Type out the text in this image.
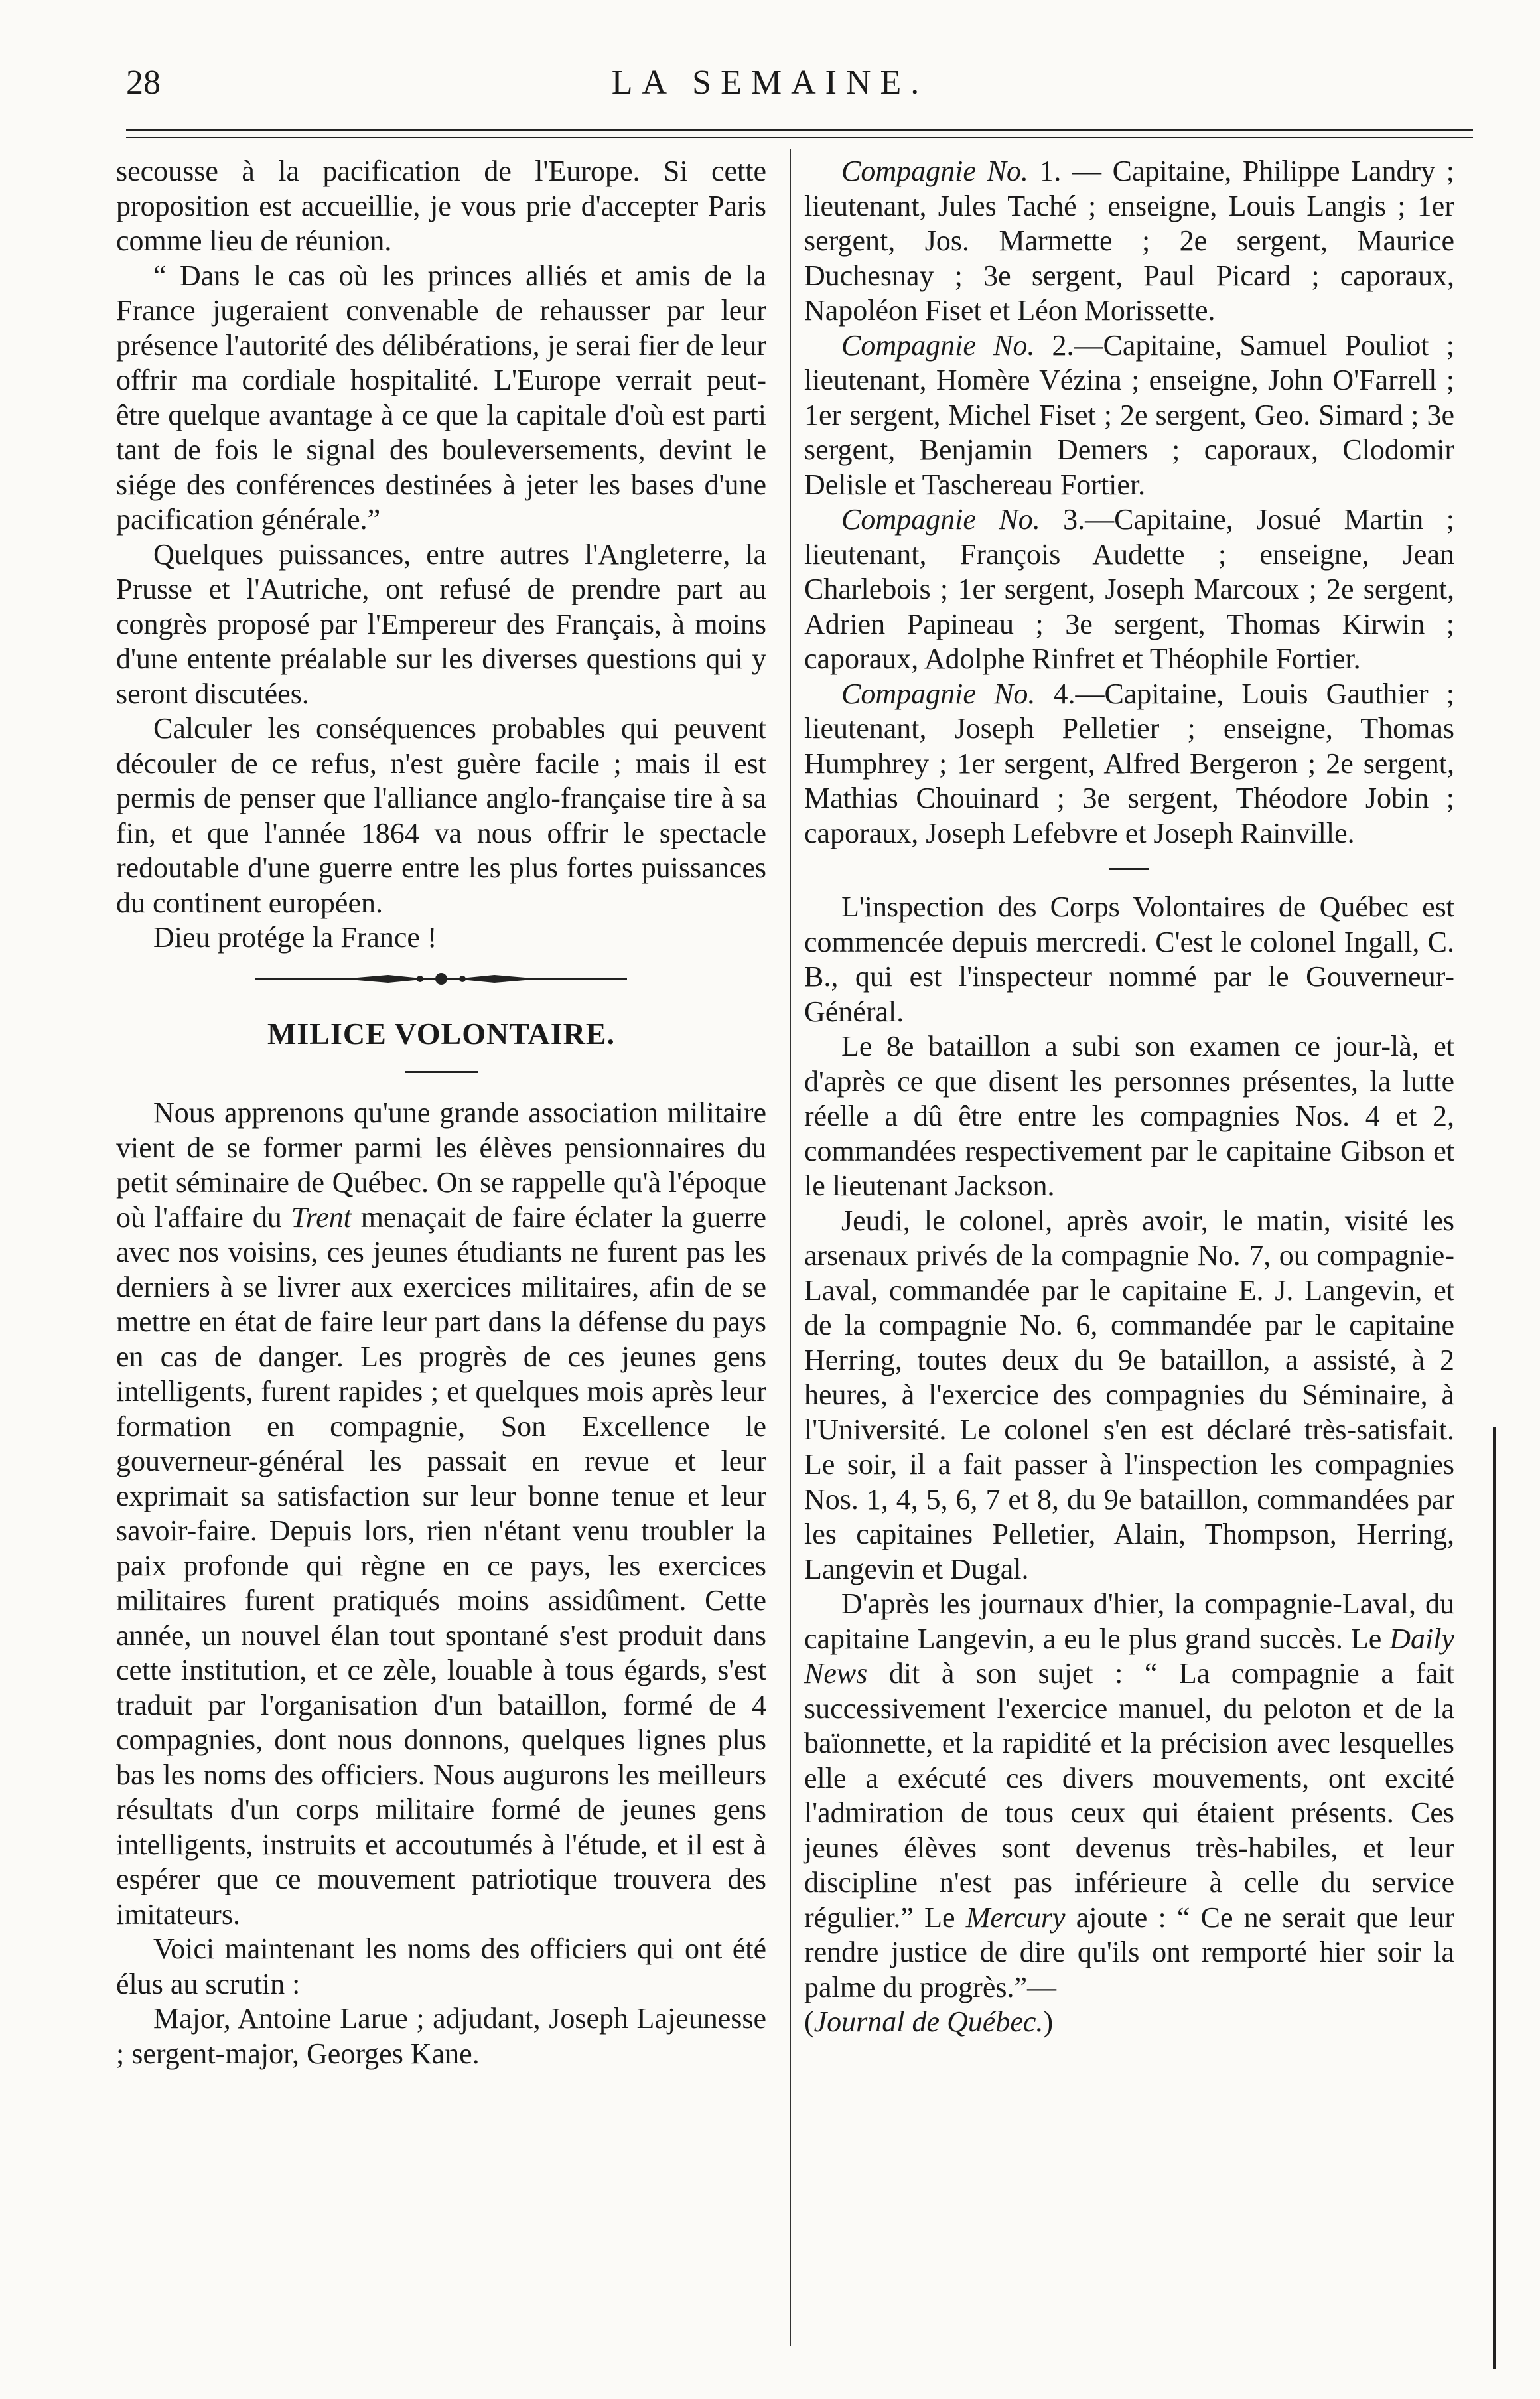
28	LA SEMAINE.

secousse à la pacification de l'Europe. Si cette proposition est accueillie, je vous prie d'accepter Paris comme lieu de réunion.

“ Dans le cas où les princes alliés et amis de la France jugeraient convenable de rehausser par leur présence l'autorité des délibérations, je serai fier de leur offrir ma cordiale hospitalité. L'Europe verrait peut-être quelque avantage à ce que la capitale d'où est parti tant de fois le signal des bouleversements, devint le siége des conférences destinées à jeter les bases d'une pacification générale.”

Quelques puissances, entre autres l'Angleterre, la Prusse et l'Autriche, ont refusé de prendre part au congrès proposé par l'Empereur des Français, à moins d'une entente préalable sur les diverses questions qui y seront discutées.

Calculer les conséquences probables qui peuvent découler de ce refus, n'est guère facile ; mais il est permis de penser que l'alliance anglo-française tire à sa fin, et que l'année 1864 va nous offrir le spectacle redoutable d'une guerre entre les plus fortes puissances du continent européen.

Dieu protége la France !

MILICE VOLONTAIRE.

Nous apprenons qu'une grande association militaire vient de se former parmi les élèves pensionnaires du petit séminaire de Québec. On se rappelle qu'à l'époque où l'affaire du Trent menaçait de faire éclater la guerre avec nos voisins, ces jeunes étudiants ne furent pas les derniers à se livrer aux exercices militaires, afin de se mettre en état de faire leur part dans la défense du pays en cas de danger. Les progrès de ces jeunes gens intelligents, furent rapides ; et quelques mois après leur formation en compagnie, Son Excellence le gouverneur-général les passait en revue et leur exprimait sa satisfaction sur leur bonne tenue et leur savoir-faire. Depuis lors, rien n'étant venu troubler la paix profonde qui règne en ce pays, les exercices militaires furent pratiqués moins assidûment. Cette année, un nouvel élan tout spontané s'est produit dans cette institution, et ce zèle, louable à tous égards, s'est traduit par l'organisation d'un bataillon, formé de 4 compagnies, dont nous donnons, quelques lignes plus bas les noms des officiers. Nous augurons les meilleurs résultats d'un corps militaire formé de jeunes gens intelligents, instruits et accoutumés à l'étude, et il est à espérer que ce mouvement patriotique trouvera des imitateurs.

Voici maintenant les noms des officiers qui ont été élus au scrutin :

Major, Antoine Larue ; adjudant, Joseph Lajeunesse ; sergent-major, Georges Kane.

Compagnie No. 1. — Capitaine, Philippe Landry ; lieutenant, Jules Taché ; enseigne, Louis Langis ; 1er sergent, Jos. Marmette ; 2e sergent, Maurice Duchesnay ; 3e sergent, Paul Picard ; caporaux, Napoléon Fiset et Léon Morissette.

Compagnie No. 2.—Capitaine, Samuel Pouliot ; lieutenant, Homère Vézina ; enseigne, John O'Farrell ; 1er sergent, Michel Fiset ; 2e sergent, Geo. Simard ; 3e sergent, Benjamin Demers ; caporaux, Clodomir Delisle et Taschereau Fortier.

Compagnie No. 3.—Capitaine, Josué Martin ; lieutenant, François Audette ; enseigne, Jean Charlebois ; 1er sergent, Joseph Marcoux ; 2e sergent, Adrien Papineau ; 3e sergent, Thomas Kirwin ; caporaux, Adolphe Rinfret et Théophile Fortier.

Compagnie No. 4.—Capitaine, Louis Gauthier ; lieutenant, Joseph Pelletier ; enseigne, Thomas Humphrey ; 1er sergent, Alfred Bergeron ; 2e sergent, Mathias Chouinard ; 3e sergent, Théodore Jobin ; caporaux, Joseph Lefebvre et Joseph Rainville.

L'inspection des Corps Volontaires de Québec est commencée depuis mercredi. C'est le colonel Ingall, C. B., qui est l'inspecteur nommé par le Gouverneur-Général.

Le 8e bataillon a subi son examen ce jour-là, et d'après ce que disent les personnes présentes, la lutte réelle a dû être entre les compagnies Nos. 4 et 2, commandées respectivement par le capitaine Gibson et le lieutenant Jackson.

Jeudi, le colonel, après avoir, le matin, visité les arsenaux privés de la compagnie No. 7, ou compagnie-Laval, commandée par le capitaine E. J. Langevin, et de la compagnie No. 6, commandée par le capitaine Herring, toutes deux du 9e bataillon, a assisté, à 2 heures, à l'exercice des compagnies du Séminaire, à l'Université. Le colonel s'en est déclaré très-satisfait. Le soir, il a fait passer à l'inspection les compagnies Nos. 1, 4, 5, 6, 7 et 8, du 9e bataillon, commandées par les capitaines Pelletier, Alain, Thompson, Herring, Langevin et Dugal.

D'après les journaux d'hier, la compagnie-Laval, du capitaine Langevin, a eu le plus grand succès. Le Daily News dit à son sujet : “ La compagnie a fait successivement l'exercice manuel, du peloton et de la baïonnette, et la rapidité et la précision avec lesquelles elle a exécuté ces divers mouvements, ont excité l'admiration de tous ceux qui étaient présents. Ces jeunes élèves sont devenus très-habiles, et leur discipline n'est pas inférieure à celle du service régulier.” Le Mercury ajoute : “ Ce ne serait que leur rendre justice de dire qu'ils ont remporté hier soir la palme du progrès.”—

(Journal de Québec.)
